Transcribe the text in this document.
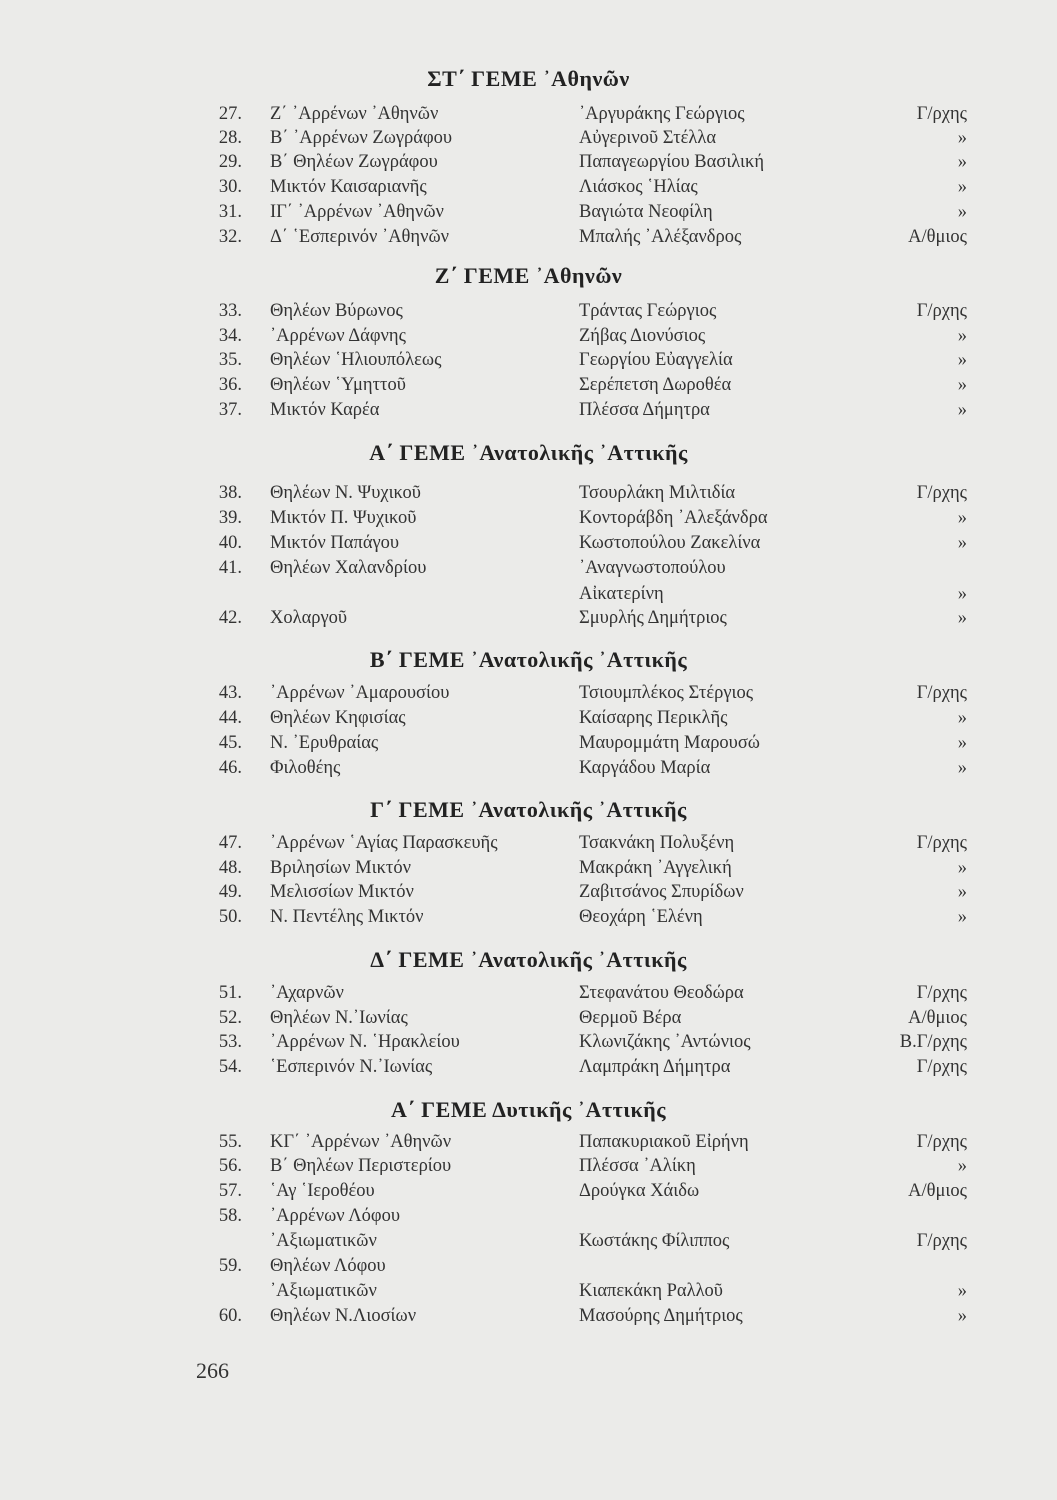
ΣΤ΄ ΓΕΜΕ ᾿Αθηνῶν
27. Ζ΄ ᾿Αρρένων ᾿Αθηνῶν	᾿Αργυράκης Γεώργιος	Γ/ρχης
28. Β΄ ᾿Αρρένων Ζωγράφου	Αὐγερινοῦ Στέλλα	»
29. Β΄ Θηλέων Ζωγράφου	Παπαγεωργίου Βασιλική	»
30. Μικτόν Καισαριανῆς	Λιάσκος ῾Ηλίας	»
31. ΙΓ΄ ᾿Αρρένων ᾿Αθηνῶν	Βαγιώτα Νεοφίλη	»
32. Δ΄ ῾Εσπερινόν ᾿Αθηνῶν	Μπαλής ᾿Αλέξανδρος	Α/θμιος
Ζ΄ ΓΕΜΕ ᾿Αθηνῶν
33. Θηλέων Βύρωνος	Τράντας Γεώργιος	Γ/ρχης
34. ᾿Αρρένων Δάφνης	Ζήβας Διονύσιος	»
35. Θηλέων ῾Ηλιουπόλεως	Γεωργίου Εὐαγγελία	»
36. Θηλέων ῾Υμηττοῦ	Σερέπετση Δωροθέα	»
37. Μικτόν Καρέα	Πλέσσα Δήμητρα	»
Α΄ ΓΕΜΕ ᾿Ανατολικῆς ᾿Αττικῆς
38. Θηλέων Ν. Ψυχικοῦ	Τσουρλάκη Μιλτιδία	Γ/ρχης
39. Μικτόν Π. Ψυχικοῦ	Κοντοράβδη ᾿Αλεξάνδρα	»
40. Μικτόν Παπάγου	Κωστοπούλου Ζακελίνα	»
41. Θηλέων Χαλανδρίου	᾿Αναγνωστοπούλου
Αἰκατερίνη	»
42. Χολαργοῦ	Σμυρλής Δημήτριος	»
Β΄ ΓΕΜΕ ᾿Ανατολικῆς ᾿Αττικῆς
43. ᾿Αρρένων ᾿Αμαρουσίου	Τσιουμπλέκος Στέργιος	Γ/ρχης
44. Θηλέων Κηφισίας	Καίσαρης Περικλῆς	»
45. Ν. ᾿Ερυθραίας	Μαυρομμάτη Μαρουσώ	»
46. Φιλοθέης	Καργάδου Μαρία	»
Γ΄ ΓΕΜΕ ᾿Ανατολικῆς ᾿Αττικῆς
47. ᾿Αρρένων ῾Αγίας Παρασκευῆς	Τσακνάκη Πολυξένη	Γ/ρχης
48. Βριλησίων Μικτόν	Μακράκη ᾿Αγγελική	»
49. Μελισσίων Μικτόν	Ζαβιτσάνος Σπυρίδων	»
50. Ν. Πεντέλης Μικτόν	Θεοχάρη ῾Ελένη	»
Δ΄ ΓΕΜΕ ᾿Ανατολικῆς ᾿Αττικῆς
51. ᾿Αχαρνῶν	Στεφανάτου Θεοδώρα	Γ/ρχης
52. Θηλέων Ν.᾿Ιωνίας	Θερμοῦ Βέρα	Α/θμιος
53. ᾿Αρρένων Ν. ῾Ηρακλείου	Κλωνιζάκης ᾿Αντώνιος	Β.Γ/ρχης
54. ῾Εσπερινόν Ν.᾿Ιωνίας	Λαμπράκη Δήμητρα	Γ/ρχης
Α΄ ΓΕΜΕ Δυτικῆς ᾿Αττικῆς
55. ΚΓ΄ ᾿Αρρένων ᾿Αθηνῶν	Παπακυριακοῦ Εἰρήνη	Γ/ρχης
56. Β΄ Θηλέων Περιστερίου	Πλέσσα ᾿Αλίκη	»
57. ῾Αγ ῾Ιεροθέου	Δρούγκα Χάιδω	Α/θμιος
58. ᾿Αρρένων Λόφου
᾿Αξιωματικῶν	Κωστάκης Φίλιππος	Γ/ρχης
59. Θηλέων Λόφου
᾿Αξιωματικῶν	Κιαπεκάκη Ραλλοῦ	»
60. Θηλέων Ν.Λιοσίων	Μασούρης Δημήτριος	»
266
